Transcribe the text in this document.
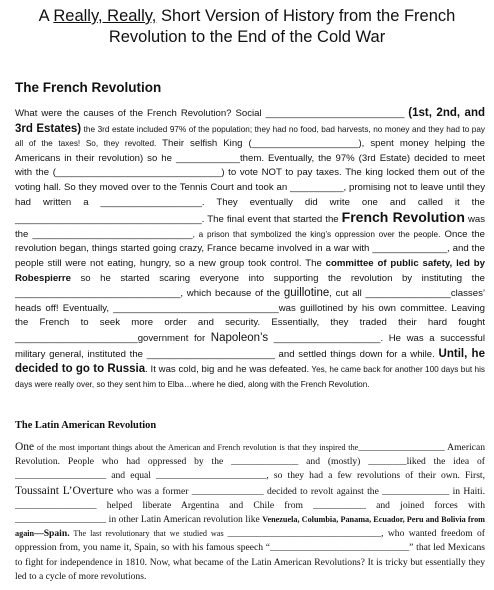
A Really, Really, Short Version of History from the French
Revolution to the End of the Cold War
The French Revolution
What were the causes of the French Revolution? Social __________________________ (1st, 2nd, and 3rd Estates) the 3rd estate included 97% of the population; they had no food, bad harvests, no money and they had to pay all of the taxes! So, they revolted. Their selfish King (____________________), spent money helping the Americans in their revolution) so he ____________them. Eventually, the 97% (3rd Estate) decided to meet with the (_______________________________) to vote NOT to pay taxes. The king locked them out of the voting hall. So they moved over to the Tennis Court and took an __________, promising not to leave until they had written a ___________________. They eventually did write one and called it the ___________________________________. The final event that started the French Revolution was the ______________________________, a prison that symbolized the king’s oppression over the people. Once the revolution began, things started going crazy, France became involved in a war with ______________, and the people still were not eating, hungry, so a new group took control. The committee of public safety, led by Robespierre so he started scaring everyone into supporting the revolution by instituting the _______________________________, which because of the guillotine, cut all ________________classes’ heads off! Eventually, _______________________________was guillotined by his own committee. Leaving the French to seek more order and security. Essentially, they traded their hard fought _______________________government for Napoleon’s ____________________. He was a successful military general, instituted the ________________________ and settled things down for a while. Until, he decided to go to Russia. It was cold, big and he was defeated. Yes, he came back for another 100 days but his days were really over, so they sent him to Elba…where he died, along with the French Revolution.
The Latin American Revolution
One of the most important things about the American and French revolution is that they inspired the__________________ American Revolution. People who had oppressed by the ______________ and (mostly) ________liked the idea of ___________________ and equal _______________________, so they had a few revolutions of their own. First, Toussaint L’Overture who was a former _______________ decided to revolt against the ______________ in Haiti. _________________ helped liberate Argentina and Chile from ___________ and joined forces with ___________________ in other Latin American revolution like Venezuela, Columbia, Panama, Ecuador, Peru and Bolivia from again—Spain. The last revolutionary that we studied was ________________________________, who wanted freedom of oppression from, you name it, Spain, so with his famous speech “_____________________________” that led Mexicans to fight for independence in 1810. Now, what became of the Latin American Revolutions? It is tricky but essentially they led to a cycle of more revolutions.
